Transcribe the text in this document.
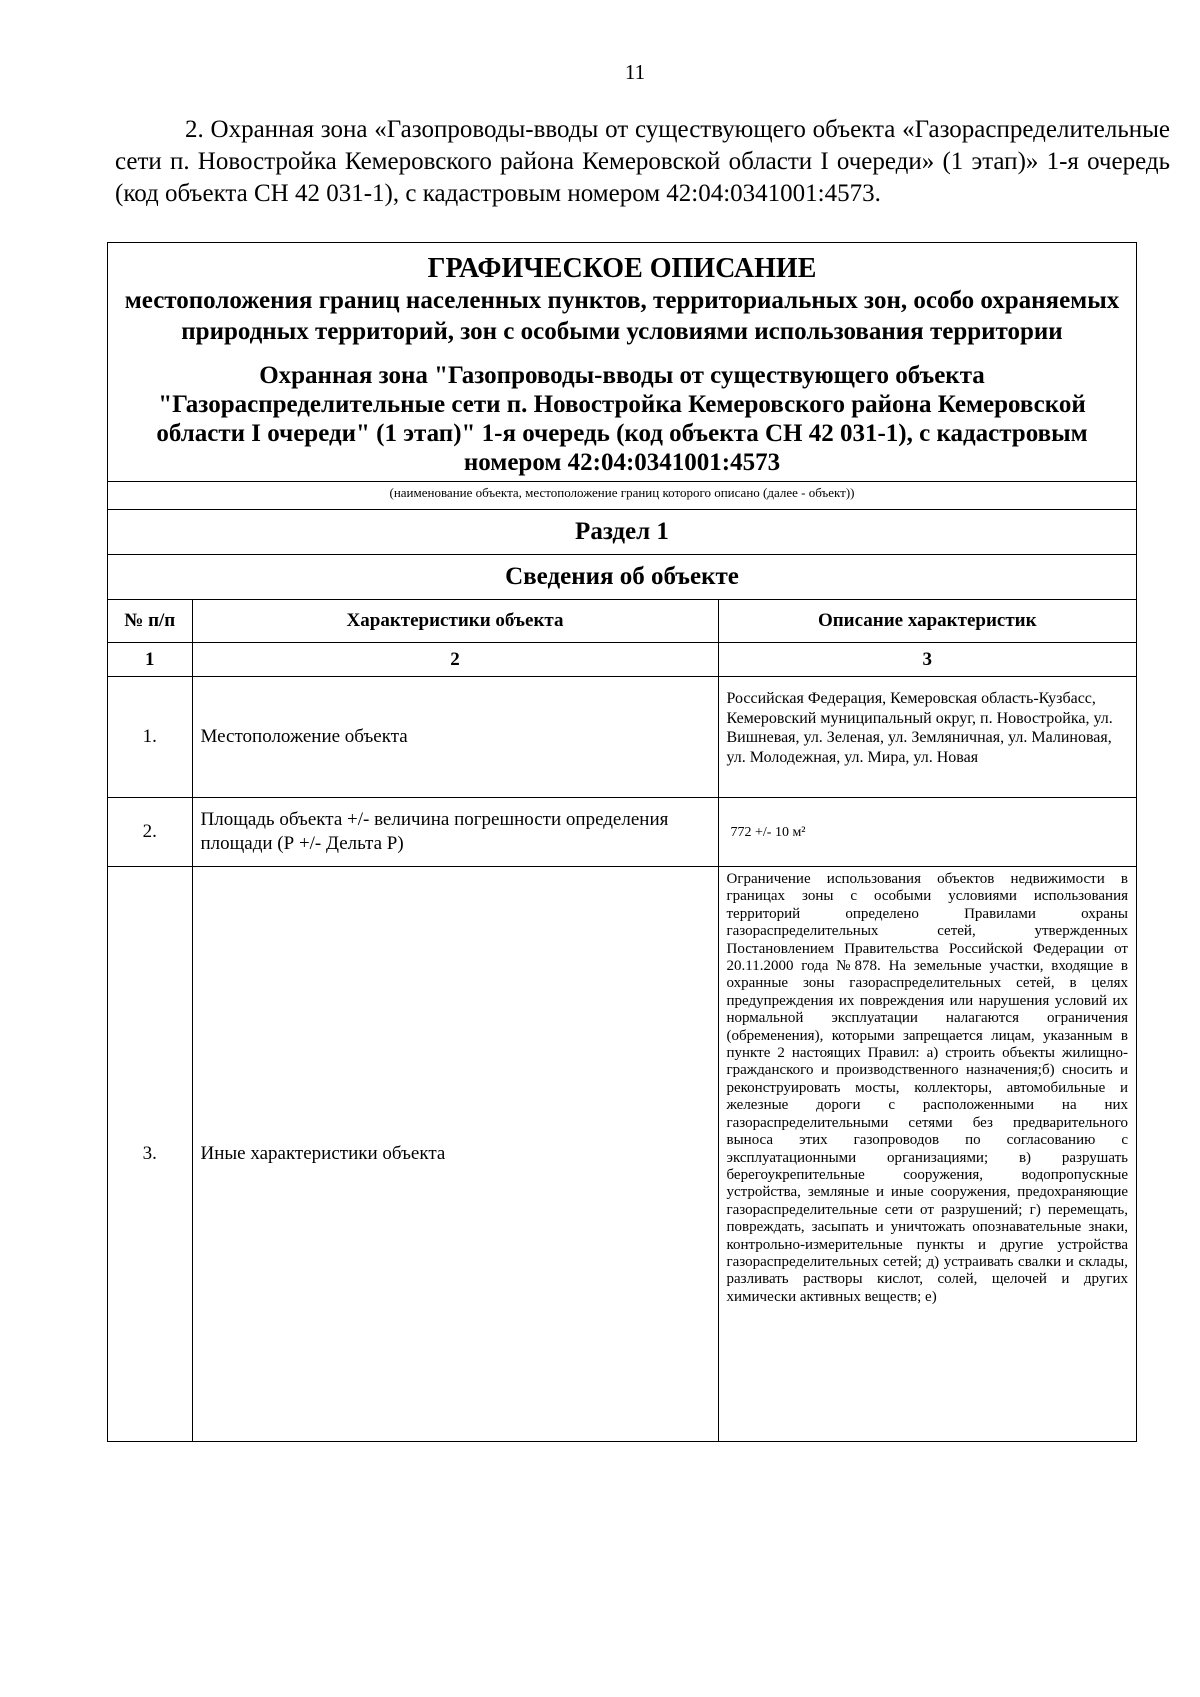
11

2. Охранная зона «Газопроводы-вводы от существующего объекта «Газораспределительные сети п. Новостройка Кемеровского района Кемеровской области I очереди» (1 этап)» 1-я очередь (код объекта СН 42 031-1), с кадастровым номером 42:04:0341001:4573.

ГРАФИЧЕСКОЕ ОПИСАНИЕ
местоположения границ населенных пунктов, территориальных зон, особо охраняемых природных территорий, зон с особыми условиями использования территории
Охранная зона "Газопроводы-вводы от существующего объекта "Газораспределительные сети п. Новостройка Кемеровского района Кемеровской области I очереди" (1 этап)" 1-я очередь (код объекта СН 42 031-1), с кадастровым номером 42:04:0341001:4573
(наименование объекта, местоположение границ которого описано (далее - объект))
Раздел 1
Сведения об объекте
№ п/п	Характеристики объекта	Описание характеристик
1	2	3
1.	Местоположение объекта	Российская Федерация, Кемеровская область-Кузбасс, Кемеровский муниципальный округ, п. Новостройка, ул. Вишневая, ул. Зеленая, ул. Земляничная, ул. Малиновая, ул. Молодежная, ул. Мира, ул. Новая
2.	Площадь объекта +/- величина погрешности определения площади (Р +/- Дельта Р)	772 +/- 10 м²
3.	Иные характеристики объекта	Ограничение использования объектов недвижимости в границах зоны с особыми условиями использования территорий определено Правилами охраны газораспределительных сетей, утвержденных Постановлением Правительства Российской Федерации от 20.11.2000 года №878. На земельные участки, входящие в охранные зоны газораспределительных сетей, в целях предупреждения их повреждения или нарушения условий их нормальной эксплуатации налагаются ограничения (обременения), которыми запрещается лицам, указанным в пункте 2 настоящих Правил: а) строить объекты жилищно-гражданского и производственного назначения;б) сносить и реконструировать мосты, коллекторы, автомобильные и железные дороги с расположенными на них газораспределительными сетями без предварительного выноса этих газопроводов по согласованию с эксплуатационными организациями; в) разрушать берегоукрепительные сооружения, водопропускные устройства, земляные и иные сооружения, предохраняющие газораспределительные сети от разрушений; г) перемещать, повреждать, засыпать и уничтожать опознавательные знаки, контрольно-измерительные пункты и другие устройства газораспределительных сетей; д) устраивать свалки и склады, разливать растворы кислот, солей, щелочей и других химически активных веществ; е)
